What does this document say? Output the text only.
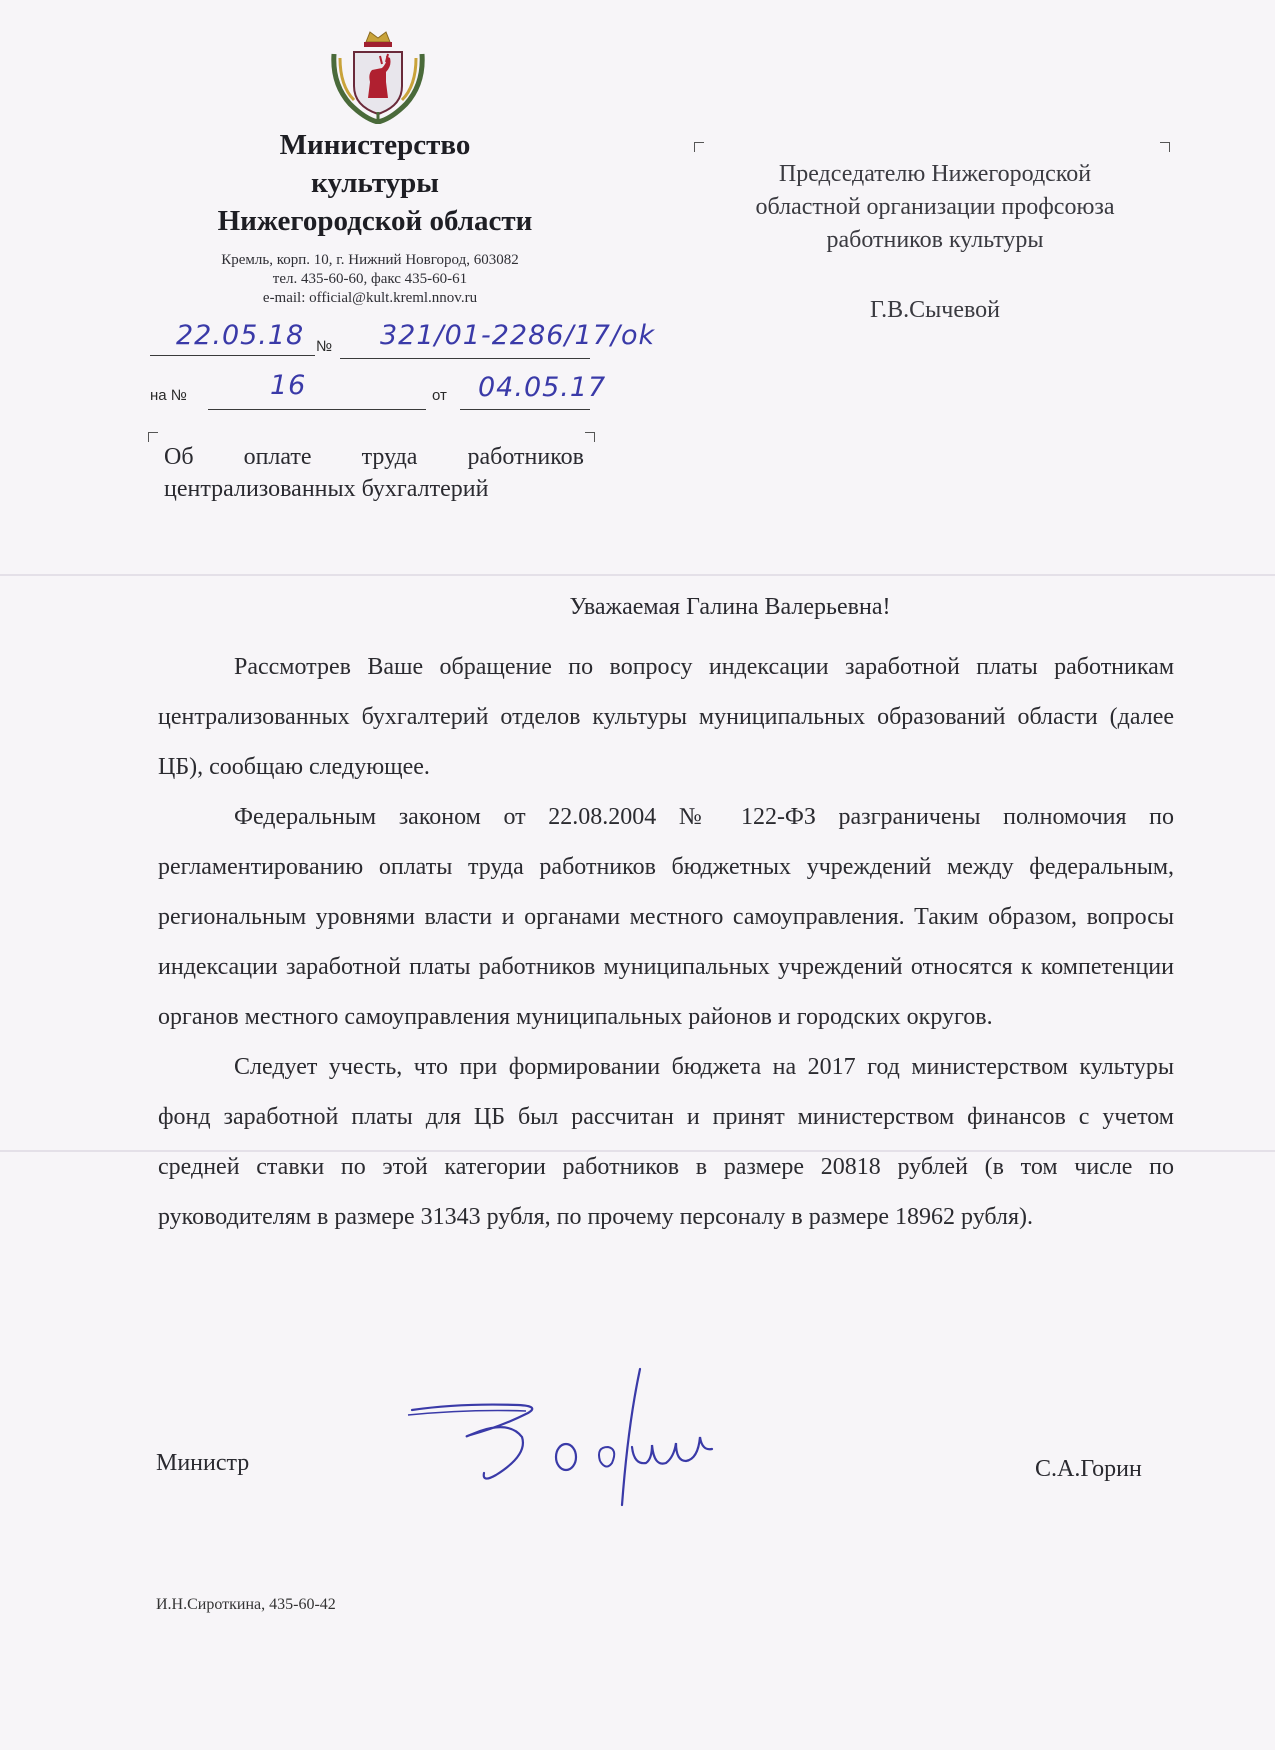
Министерство
культуры
Нижегородской области
Кремль, корп. 10, г. Нижний Новгород, 603082
тел. 435-60-60, факс 435-60-61
e-mail: official@kult.kreml.nnov.ru
22.05.18 № 321/01-2286/17/ok
на №	16	от 04.05.17
Об оплате труда работников
централизованных бухгалтерий
Председателю Нижегородской
областной организации профсоюза
работников культуры
Г.В.Сычевой
Уважаемая Галина Валерьевна!

Рассмотрев Ваше обращение по вопросу индексации заработной платы работникам централизованных бухгалтерий отделов культуры муниципальных образований области (далее ЦБ), сообщаю следующее.

Федеральным законом от 22.08.2004 № 122-ФЗ разграничены полномочия по регламентированию оплаты труда работников бюджетных учреждений между федеральным, региональным уровнями власти и органами местного самоуправления. Таким образом, вопросы индексации заработной платы работников муниципальных учреждений относятся к компетенции органов местного самоуправления муниципальных районов и городских округов.

Следует учесть, что при формировании бюджета на 2017 год министерством культуры фонд заработной платы для ЦБ был рассчитан и принят министерством финансов с учетом средней ставки по этой категории работников в размере 20818 рублей (в том числе по руководителям в размере 31343 рубля, по прочему персоналу в размере 18962 рубля).

Министр	С.А.Горин
И.Н.Сироткина, 435-60-42
